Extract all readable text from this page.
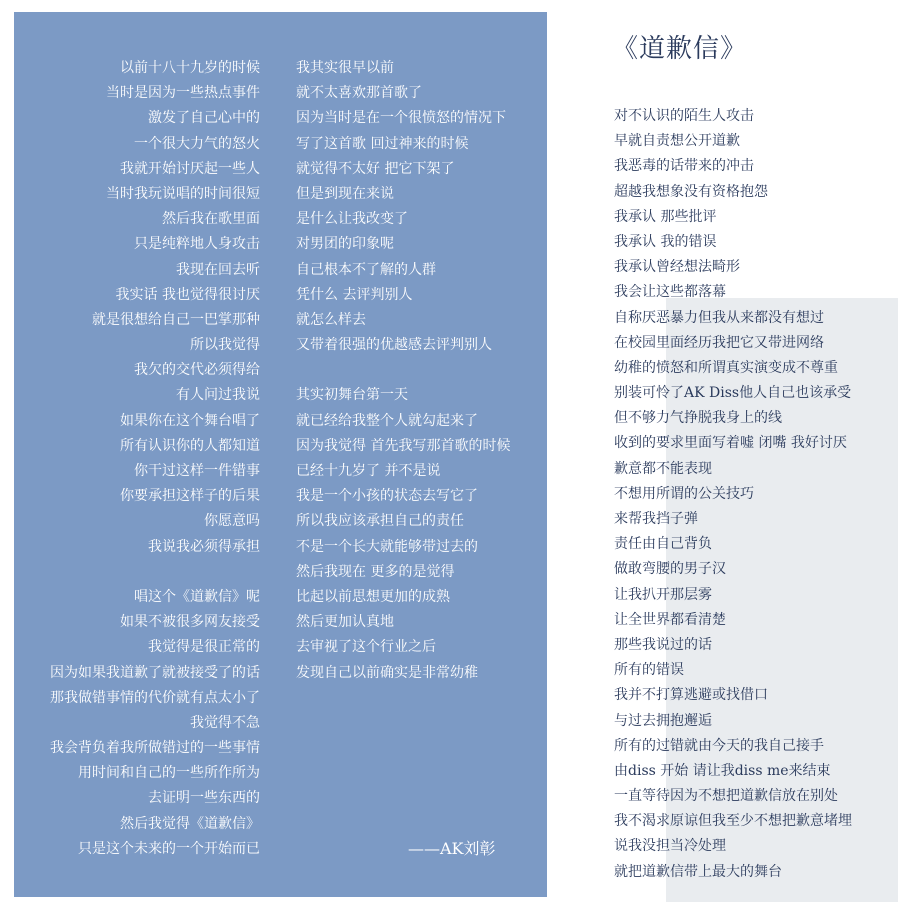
以前十八十九岁的时候
当时是因为一些热点事件
激发了自己心中的
一个很大力气的怒火
我就开始讨厌起一些人
当时我玩说唱的时间很短
然后我在歌里面
只是纯粹地人身攻击
我现在回去听
我实话 我也觉得很讨厌
就是很想给自己一巴掌那种
所以我觉得
我欠的交代必须得给
有人问过我说
如果你在这个舞台唱了
所有认识你的人都知道
你干过这样一件错事
你要承担这样子的后果
你愿意吗
我说我必须得承担
唱这个《道歉信》呢
如果不被很多网友接受
我觉得是很正常的
因为如果我道歉了就被接受了的话
那我做错事情的代价就有点太小了
我觉得不急
我会背负着我所做错过的一些事情
用时间和自己的一些所作所为
去证明一些东西的
然后我觉得《道歉信》
只是这个未来的一个开始而已
我其实很早以前
就不太喜欢那首歌了
因为当时是在一个很愤怒的情况下
写了这首歌 回过神来的时候
就觉得不太好 把它下架了
但是到现在来说
是什么让我改变了
对男团的印象呢
自己根本不了解的人群
凭什么 去评判别人
就怎么样去
又带着很强的优越感去评判别人
其实初舞台第一天
就已经给我整个人就勾起来了
因为我觉得 首先我写那首歌的时候
已经十九岁了 并不是说
我是一个小孩的状态去写它了
所以我应该承担自己的责任
不是一个长大就能够带过去的
然后我现在 更多的是觉得
比起以前思想更加的成熟
然后更加认真地
去审视了这个行业之后
发现自己以前确实是非常幼稚
——AK刘彰
《道歉信》
对不认识的陌生人攻击
早就自责想公开道歉
我恶毒的话带来的冲击
超越我想象没有资格抱怨
我承认 那些批评
我承认 我的错误
我承认曾经想法畸形
我会让这些都落幕
自称厌恶暴力但我从来都没有想过
在校园里面经历我把它又带进网络
幼稚的愤怒和所谓真实演变成不尊重
别装可怜了AK Diss他人自己也该承受
但不够力气挣脱我身上的线
收到的要求里面写着嘘 闭嘴 我好讨厌
歉意都不能表现
不想用所谓的公关技巧
来帮我挡子弹
责任由自己背负
做敢弯腰的男子汉
让我扒开那层雾
让全世界都看清楚
那些我说过的话
所有的错误
我并不打算逃避或找借口
与过去拥抱邂逅
所有的过错就由今天的我自己接手
由diss 开始 请让我diss me来结束
一直等待因为不想把道歉信放在别处
我不渴求原谅但我至少不想把歉意堵埋
说我没担当冷处理
就把道歉信带上最大的舞台
